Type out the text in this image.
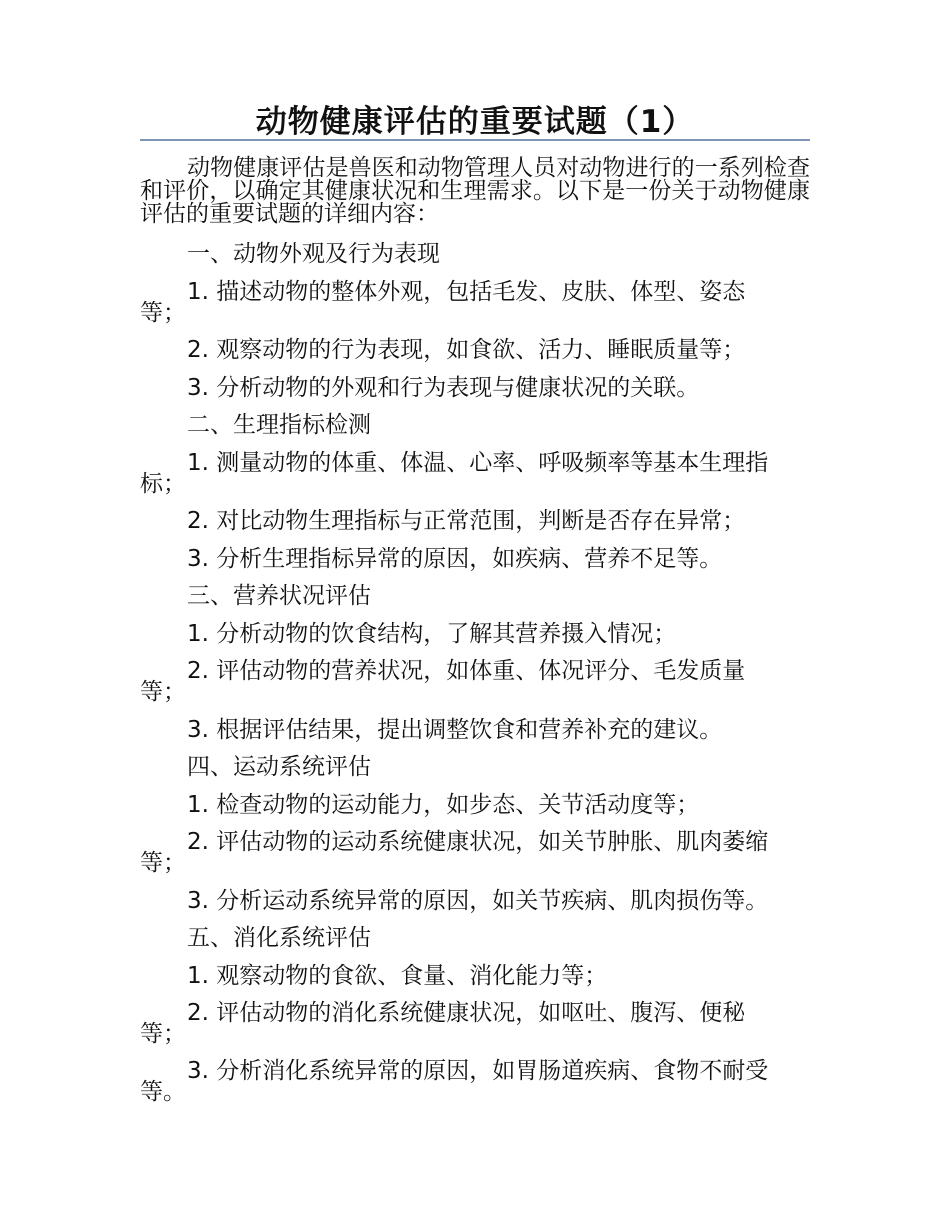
动物健康评估的重要试题（1）

动物健康评估是兽医和动物管理人员对动物进行的一系列检查和评价，以确定其健康状况和生理需求。以下是一份关于动物健康评估的重要试题的详细内容：

一、动物外观及行为表现
1. 描述动物的整体外观，包括毛发、皮肤、体型、姿态
等；
2. 观察动物的行为表现，如食欲、活力、睡眠质量等；
3. 分析动物的外观和行为表现与健康状况的关联。
二、生理指标检测
1. 测量动物的体重、体温、心率、呼吸频率等基本生理指
标；
2. 对比动物生理指标与正常范围，判断是否存在异常；
3. 分析生理指标异常的原因，如疾病、营养不足等。
三、营养状况评估
1. 分析动物的饮食结构，了解其营养摄入情况；
2. 评估动物的营养状况，如体重、体况评分、毛发质量
等；
3. 根据评估结果，提出调整饮食和营养补充的建议。
四、运动系统评估
1. 检查动物的运动能力，如步态、关节活动度等；
2. 评估动物的运动系统健康状况，如关节肿胀、肌肉萎缩
等；
3. 分析运动系统异常的原因，如关节疾病、肌肉损伤等。
五、消化系统评估
1. 观察动物的食欲、食量、消化能力等；
2. 评估动物的消化系统健康状况，如呕吐、腹泻、便秘
等；
3. 分析消化系统异常的原因，如胃肠道疾病、食物不耐受
等。
